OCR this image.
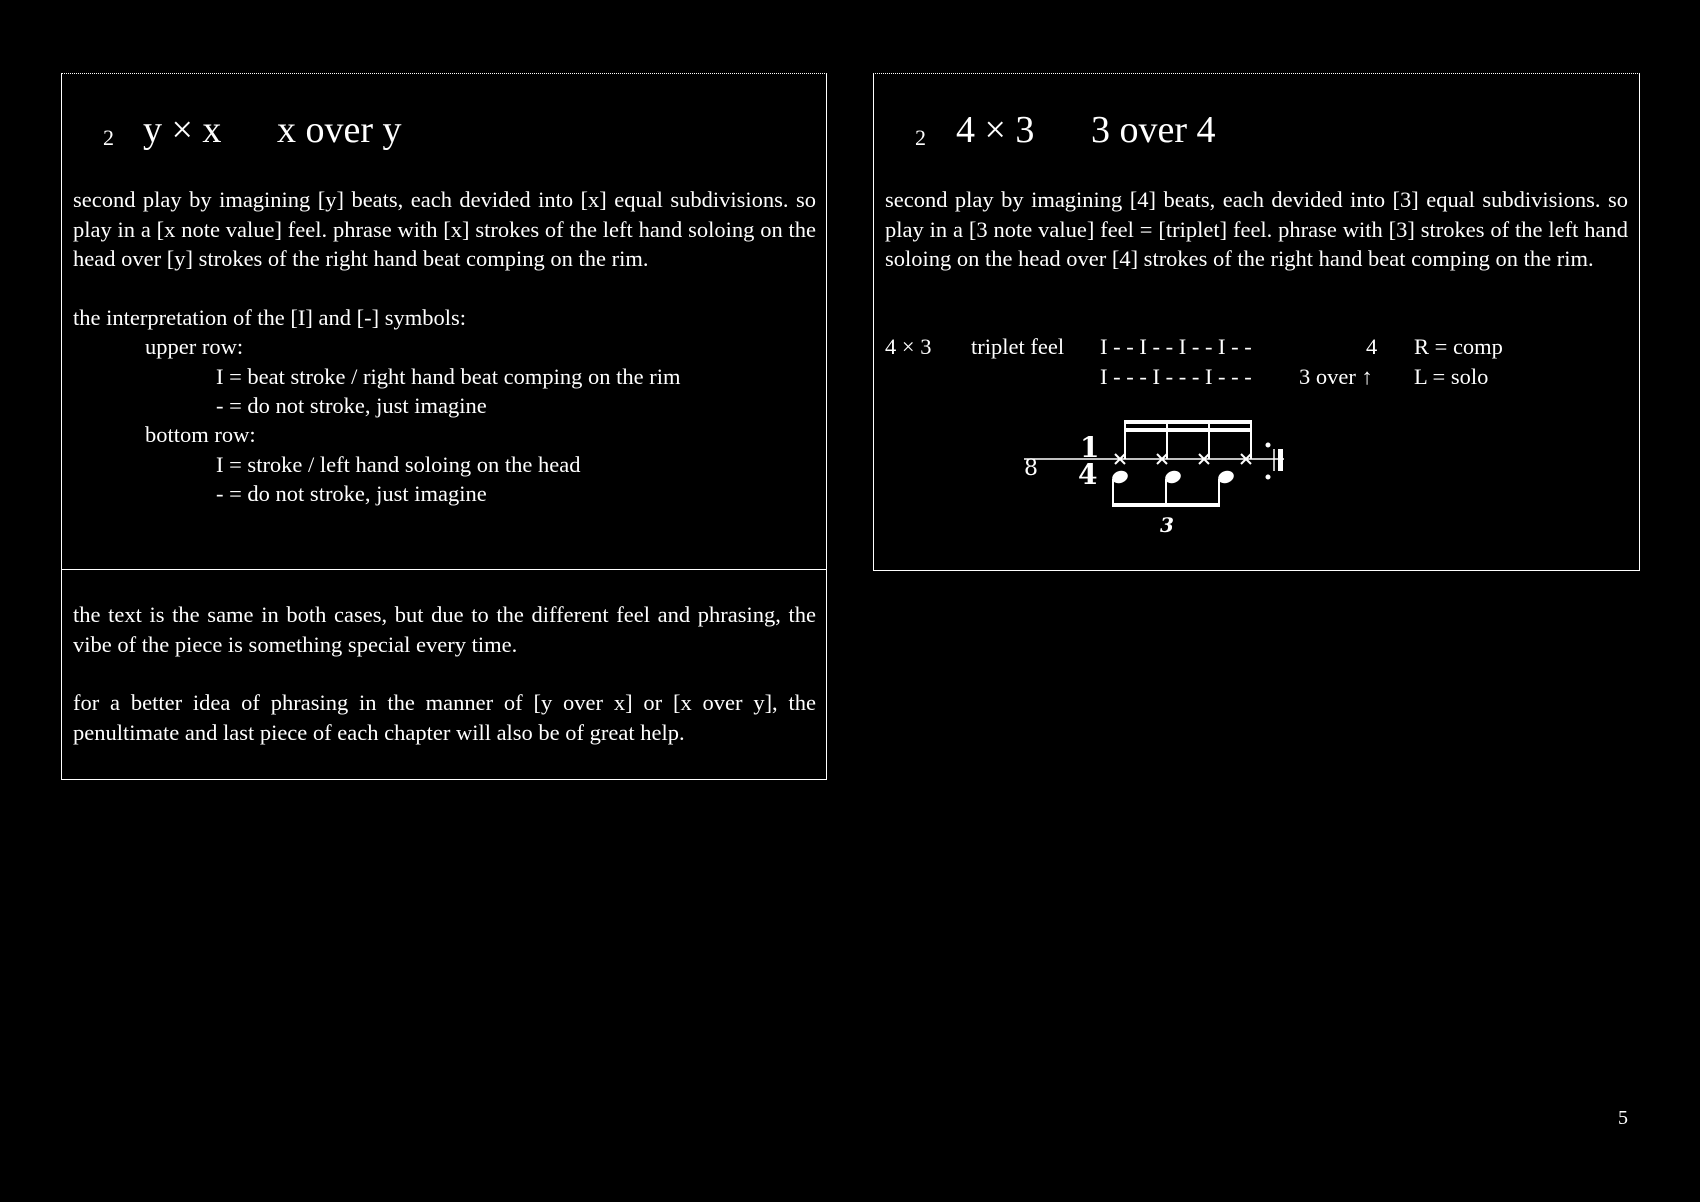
2 y × x x over y

second play by imagining [y] beats, each devided into [x] equal subdivisions. so play in a [x note value] feel. phrase with [x] strokes of the left hand soloing on the head over [y] strokes of the right hand beat comping on the rim.

the interpretation of the [I] and [-] symbols:
upper row:
I = beat stroke / right hand beat comping on the rim
- = do not stroke, just imagine
bottom row:
I = stroke / left hand soloing on the head
- = do not stroke, just imagine

the text is the same in both cases, but due to the different feel and phrasing, the vibe of the piece is something special every time.

for a better idea of phrasing in the manner of [y over x] or [x over y], the penultimate and last piece of each chapter will also be of great help.

2 4 × 3 3 over 4

second play by imagining [4] beats, each devided into [3] equal subdivisions. so play in a [3 note value] feel = [triplet] feel. phrase with [3] strokes of the left hand soloing on the head over [4] strokes of the right hand beat comping on the rim.

4 × 3 triplet feel I - - I - - I - - I - -
I - - - I - - - I - - -
4
3 over ↑
R = comp
L = solo
8
1
4
3
5
